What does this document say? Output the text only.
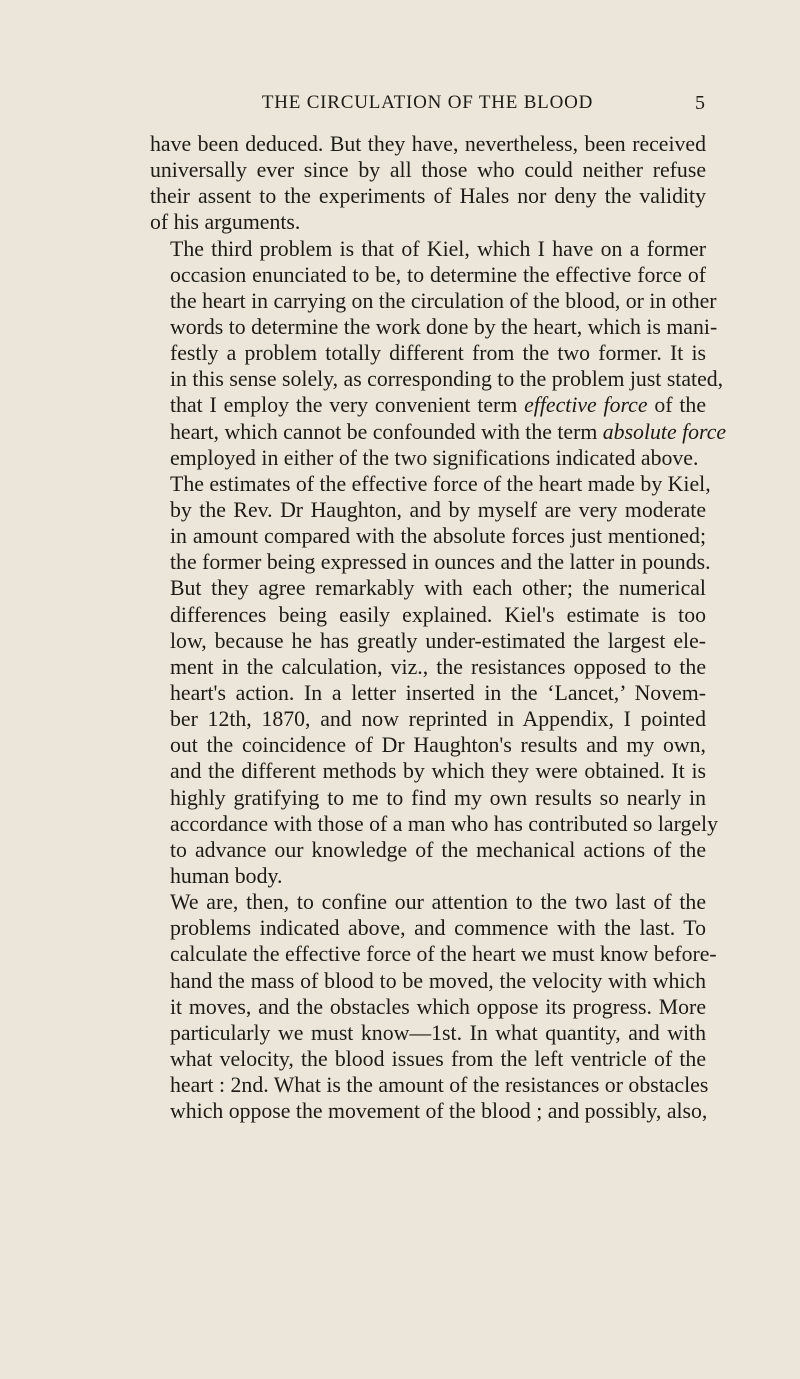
THE CIRCULATION OF THE BLOOD	5

have been deduced. But they have, nevertheless, been received
universally ever since by all those who could neither refuse
their assent to the experiments of Hales nor deny the validity
of his arguments.

The third problem is that of Kiel, which I have on a former
occasion enunciated to be, to determine the effective force of
the heart in carrying on the circulation of the blood, or in other
words to determine the work done by the heart, which is mani-
festly a problem totally different from the two former. It is
in this sense solely, as corresponding to the problem just stated,
that I employ the very convenient term effective force of the
heart, which cannot be confounded with the term absolute force
employed in either of the two significations indicated above.

The estimates of the effective force of the heart made by Kiel,
by the Rev. Dr Haughton, and by myself are very moderate
in amount compared with the absolute forces just mentioned;
the former being expressed in ounces and the latter in pounds.
But they agree remarkably with each other; the numerical
differences being easily explained. Kiel's estimate is too
low, because he has greatly under-estimated the largest ele-
ment in the calculation, viz., the resistances opposed to the
heart's action. In a letter inserted in the ‘Lancet,’ Novem-
ber 12th, 1870, and now reprinted in Appendix, I pointed
out the coincidence of Dr Haughton's results and my own,
and the different methods by which they were obtained. It is
highly gratifying to me to find my own results so nearly in
accordance with those of a man who has contributed so largely
to advance our knowledge of the mechanical actions of the
human body.

We are, then, to confine our attention to the two last of the
problems indicated above, and commence with the last. To
calculate the effective force of the heart we must know before-
hand the mass of blood to be moved, the velocity with which
it moves, and the obstacles which oppose its progress. More
particularly we must know—1st. In what quantity, and with
what velocity, the blood issues from the left ventricle of the
heart : 2nd. What is the amount of the resistances or obstacles
which oppose the movement of the blood ; and possibly, also,
